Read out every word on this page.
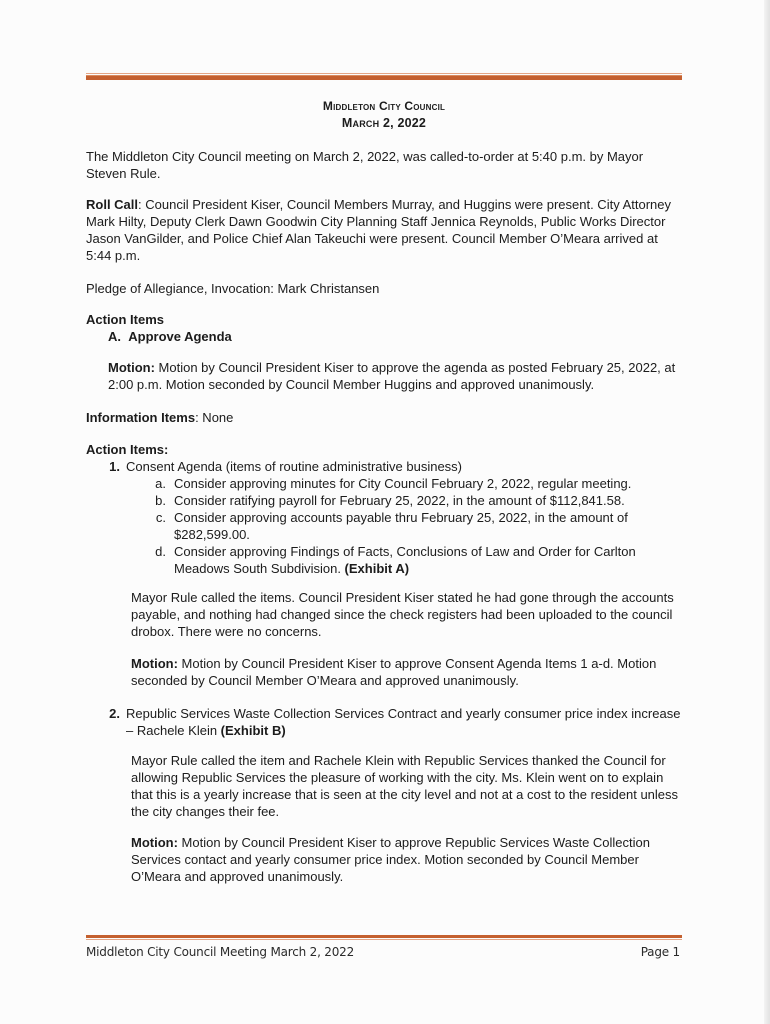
Middleton City Council
March 2, 2022
The Middleton City Council meeting on March 2, 2022, was called-to-order at 5:40 p.m. by Mayor Steven Rule.
Roll Call: Council President Kiser, Council Members Murray, and Huggins were present. City Attorney Mark Hilty, Deputy Clerk Dawn Goodwin City Planning Staff Jennica Reynolds, Public Works Director Jason VanGilder, and Police Chief Alan Takeuchi were present. Council Member O’Meara arrived at 5:44 p.m.
Pledge of Allegiance, Invocation: Mark Christansen
Action Items
A. Approve Agenda
Motion: Motion by Council President Kiser to approve the agenda as posted February 25, 2022, at 2:00 p.m. Motion seconded by Council Member Huggins and approved unanimously.
Information Items: None
Action Items:
1. Consent Agenda (items of routine administrative business)
a. Consider approving minutes for City Council February 2, 2022, regular meeting.
b. Consider ratifying payroll for February 25, 2022, in the amount of $112,841.58.
c. Consider approving accounts payable thru February 25, 2022, in the amount of $282,599.00.
d. Consider approving Findings of Facts, Conclusions of Law and Order for Carlton Meadows South Subdivision. (Exhibit A)
Mayor Rule called the items. Council President Kiser stated he had gone through the accounts payable, and nothing had changed since the check registers had been uploaded to the council drobox. There were no concerns.
Motion: Motion by Council President Kiser to approve Consent Agenda Items 1 a-d. Motion seconded by Council Member O’Meara and approved unanimously.
2. Republic Services Waste Collection Services Contract and yearly consumer price index increase – Rachele Klein (Exhibit B)
Mayor Rule called the item and Rachele Klein with Republic Services thanked the Council for allowing Republic Services the pleasure of working with the city. Ms. Klein went on to explain that this is a yearly increase that is seen at the city level and not at a cost to the resident unless the city changes their fee.
Motion: Motion by Council President Kiser to approve Republic Services Waste Collection Services contact and yearly consumer price index. Motion seconded by Council Member O’Meara and approved unanimously.
Middleton City Council Meeting March 2, 2022	Page 1
